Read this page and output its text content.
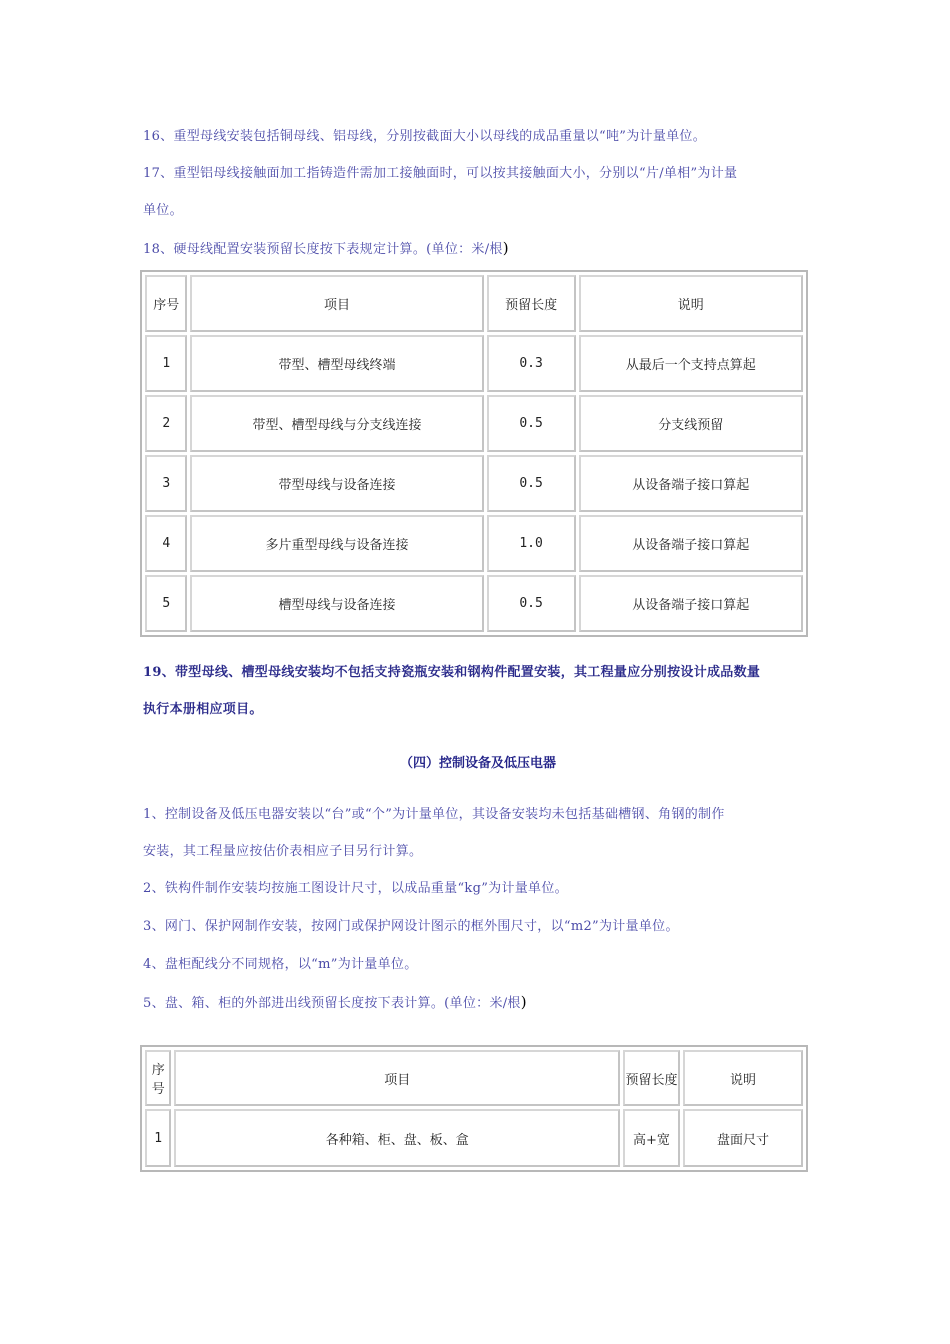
16、重型母线安装包括铜母线、铝母线，分别按截面大小以母线的成品重量以“吨”为计量单位。

17、重型铝母线接触面加工指铸造件需加工接触面时，可以按其接触面大小，分别以“片/单相”为计量
单位。

18、硬母线配置安装预留长度按下表规定计算。(单位：米/根)

序号	项目	预留长度	说明
1	带型、槽型母线终端	0.3	从最后一个支持点算起
2	带型、槽型母线与分支线连接	0.5	分支线预留
3	带型母线与设备连接	0.5	从设备端子接口算起
4	多片重型母线与设备连接	1.0	从设备端子接口算起
5	槽型母线与设备连接	0.5	从设备端子接口算起

19、带型母线、槽型母线安装均不包括支持瓷瓶安装和钢构件配置安装，其工程量应分别按设计成品数量
执行本册相应项目。

（四）控制设备及低压电器

1、控制设备及低压电器安装以“台”或“个”为计量单位，其设备安装均未包括基础槽钢、角钢的制作
安装，其工程量应按估价表相应子目另行计算。

2、铁构件制作安装均按施工图设计尺寸，以成品重量“kg”为计量单位。

3、网门、保护网制作安装，按网门或保护网设计图示的框外围尺寸，以“m2”为计量单位。

4、盘柜配线分不同规格，以“m”为计量单位。

5、盘、箱、柜的外部进出线预留长度按下表计算。(单位：米/根)

序号	项目	预留长度	说明
1	各种箱、柜、盘、板、盒	高+宽	盘面尺寸
